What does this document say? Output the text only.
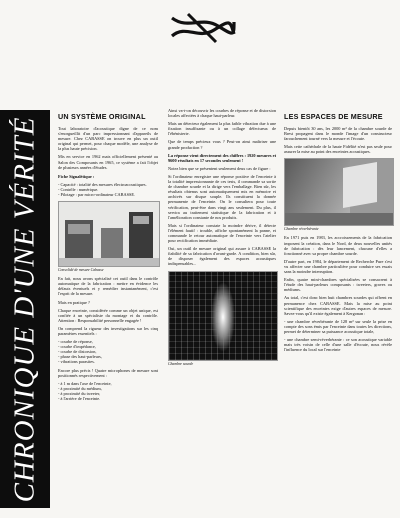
CHRONIQUE D'UNE VÉRITÉ UN SYSTÈME ORIGINAL

Tout laboratoire d'acoustique digne de ce nom s'enorgueillit d'un parc impressionnant d'appareils de mesure. Chez CABASSE on trouve en plus un outil original qui permet, pour chaque modèle, une analyse de la plus haute précision.

Mis en service en 1962 mais officiellement présenté au Salon des Composants en 1965, ce système a fait l'objet de plusieurs années d'études.

Fiche Signalétique :

- Capacité : totalité des mesures électroacoustiques.
- Contrôle : numérique.
- Pilotage : par micro-ordinateur CABASSE.
Consolidé de mesure Cabasse

En fait, nous avons spécialisé cet outil dans le contrôle automatique de la fabrication : mettre en évidence les défauts éventuels et y remédier instantanément, c'est l'esprit de la mesure.

Mais en pratique ?

Chaque enceinte, considérée comme un objet unique, est confiée à un spécialiste du montage et du contrôle. Attention : Responsabilité personnelle engagée !

On comprend la rigueur des investigations sur les cinq paramètres essentiels :

- courbe de réponse,
- courbe d'impédance,
- courbe de distorsion,
- phase des haut-parleurs,
- vibrations parasites.

Encore plus précis ! Quatre microphones de mesure sont positionnés respectivement :

- à 1 m dans l'axe de l'enceinte,
- à proximité du médium,
- à proximité du tweeter,
- à l'arrière de l'enceinte.

Ainsi va-t-on découvrir les courbes de réponse et de distorsion locales affectées à chaque haut-parleur.

Mais un détecteur également la plus faible vibration due à une fixation insuffisante ou à un collage défectueux de l'ébénisterie.

Que de temps précieux vous ? Peut-on ainsi maîtriser une grande production ?

La réponse vient directement des chiffres : 1920 mesures et 9600 résultats en 17 secondes seulement !

Notez bien que se présentent seulement deux cas de figure :

Si l'ordinateur enregistre une réponse positive de l'enceinte à la totalité impressionnante de ces tests, il commande sa sortie de chambre sourde et la dirige vers l'emballage. Bien sûr, les résultats obtenus sont automatiquement mis en mémoire et archivés sur disque souple. Ils constituent la donnée permanente de l'enceinte. On le consultera pour toute vérification, peut-être dans vingt ans seulement. Du plus, il servira au traitement statistique de la fabrication et à l'amélioration constante de nos produits.

Mais si l'ordinateur constate la moindre dérive, il détecte l'élément fautif : trouble, affiche spontanément la panne, et commande le retour automatique de l'enceinte vers l'atelier pour rectification immédiate.

Oui, un outil de mesure original qui assure à CABASSE la fiabilité de sa fabrication d'avant-garde. A condition, bien sûr, de disposer également des espaces acoustiques indispensables...

Chambre sourde
LES ESPACES DE MESURE

Depuis bientôt 30 ans, les 2000 m² de la chambre sourde de Brest propagent dans le monde l'image d'un constructeur farouchement tourné vers la mesure et l'écoute.

Mais cette cathédrale de la haute Fidélité n'est pas seule pour assurer la mise au point des enceintes acoustiques.

Chambre réverbérante

En 1971 puis en 1983, les accroissements de la fabrication imposent la création, dans le Nord, de deux nouvelles unités de fabrication : dès leur lancement, chacune d'elles a fonctionné avec sa propre chambre sourde.

D'autre part, en 1984, le département de Recherche Pure s'est vu affecter une chambre particulière pour conduire ses essais sans la moindre interruption.

Enfin, quatre mini-chambres spécialisées se consacrent à l'étude des haut-parleurs composants : tweeters, graves ou médiums.

Au total, c'est donc bien huit chambres sourdes qui offrent en permanence chez CABASSE. Mais la mise au point scientifique des enceintes exige d'autres espaces de mesure. Savez-vous qu'il existe également à Kergonan :

- une chambre réverbérante de 128 m³ sur seule la prise en compte des sons émis par l'enceinte dans toutes les directions, permet de déterminer sa puissance acoustique totale,

- une chambre semi-réverbérante : ce son acoustique variable mais très voisin de celle d'une salle d'écoute, nous révèle l'influence du local sur l'enceinte
